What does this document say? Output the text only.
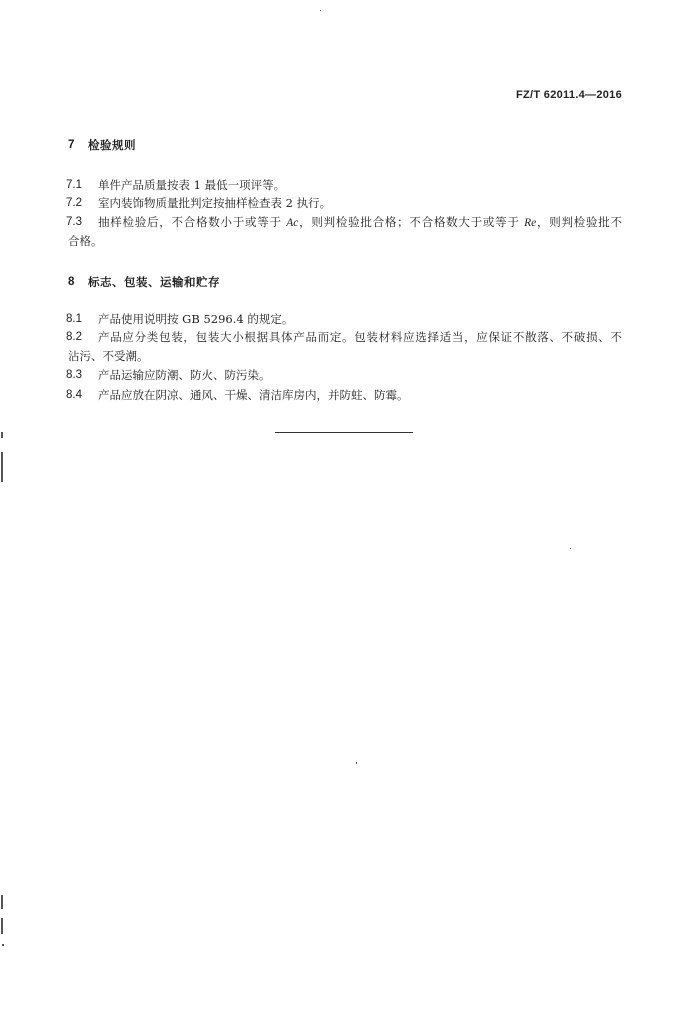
FZ/T 62011.4—2016
7 检验规则
7.1 单件产品质量按表 1 最低一项评等。
7.2 室内装饰物质量批判定按抽样检查表 2 执行。
7.3 抽样检验后，不合格数小于或等于 Ac，则判检验批合格；不合格数大于或等于 Re，则判检验批不
合格。
8 标志、包装、运输和贮存
8.1 产品使用说明按 GB 5296.4 的规定。
8.2 产品应分类包装，包装大小根据具体产品而定。包装材料应选择适当，应保证不散落、不破损、不
沾污、不受潮。
8.3 产品运输应防潮、防火、防污染。
8.4 产品应放在阴凉、通风、干燥、清洁库房内，并防蛀、防霉。
